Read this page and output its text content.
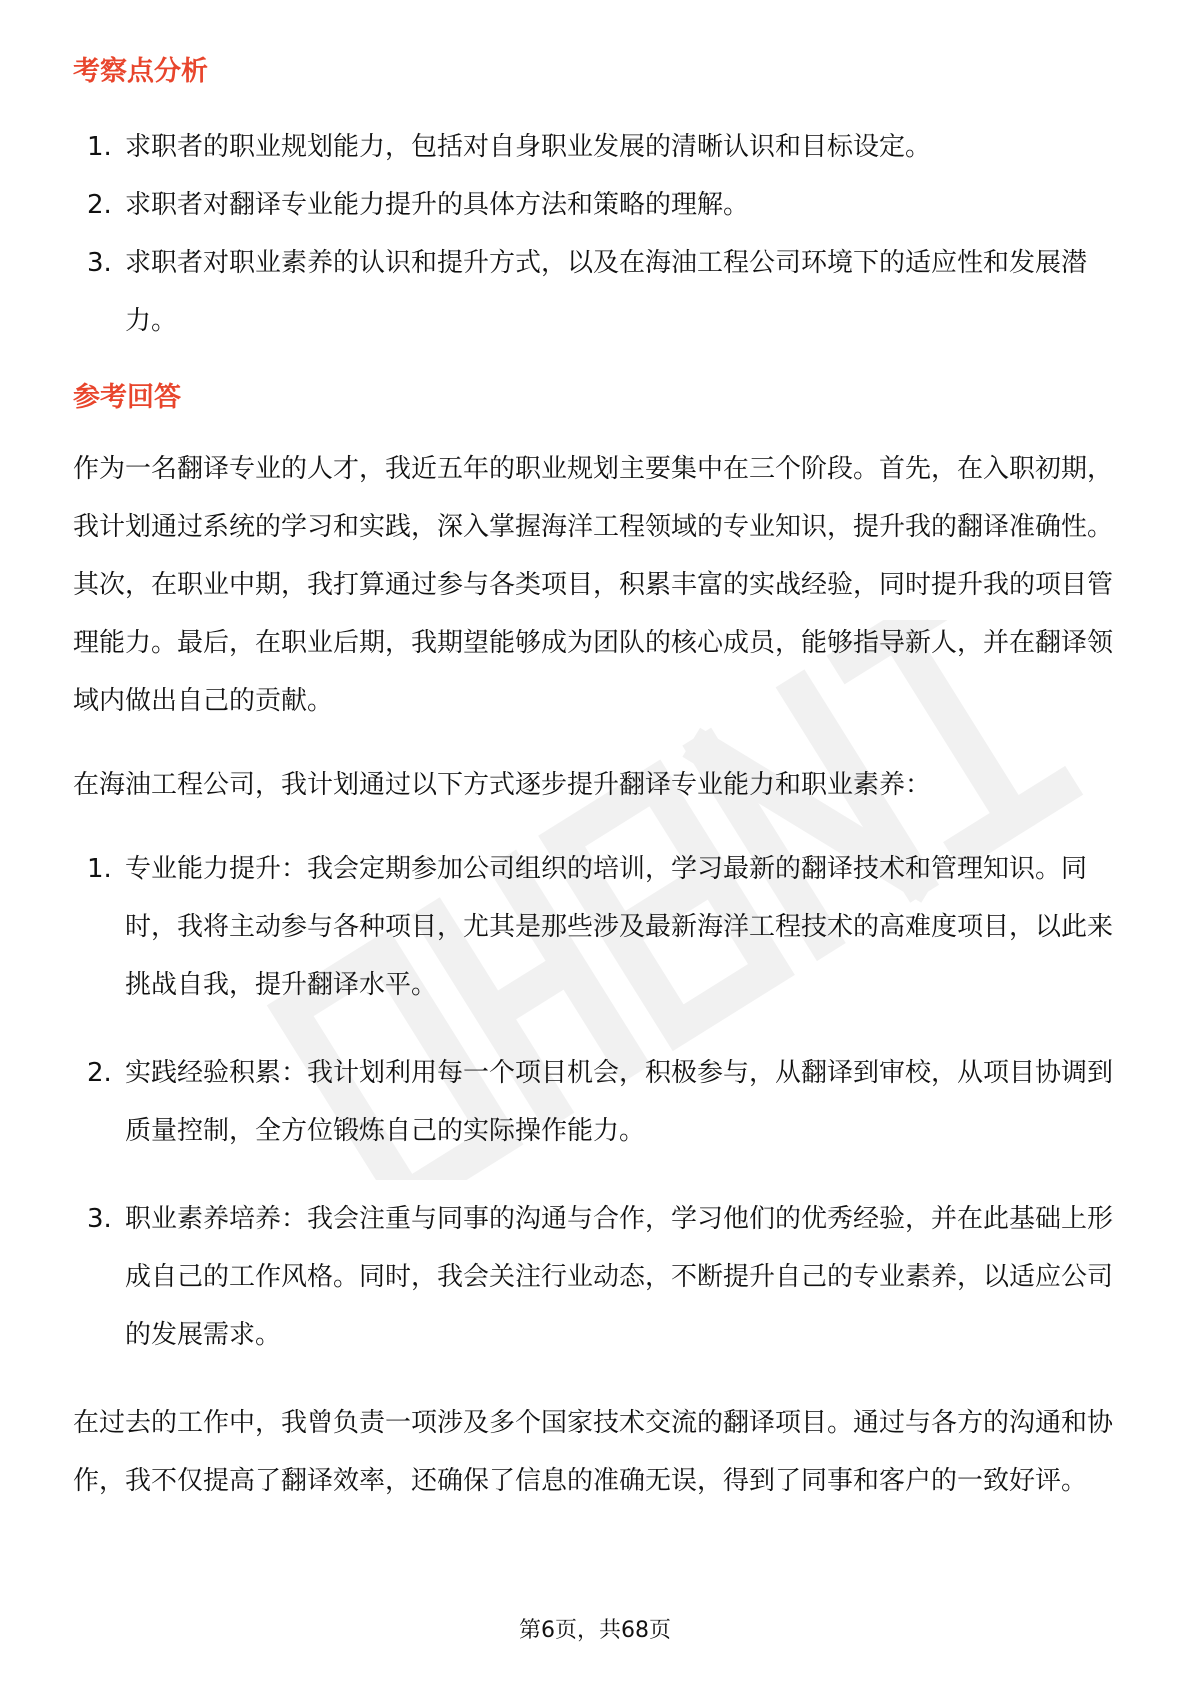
考察点分析
1. 求职者的职业规划能力，包括对自身职业发展的清晰认识和目标设定。
2. 求职者对翻译专业能力提升的具体方法和策略的理解。
3. 求职者对职业素养的认识和提升方式，以及在海油工程公司环境下的适应性和发展潜力。
参考回答

作为一名翻译专业的人才，我近五年的职业规划主要集中在三个阶段。首先，在入职初期，我计划通过系统的学习和实践，深入掌握海洋工程领域的专业知识，提升我的翻译准确性。其次，在职业中期，我打算通过参与各类项目，积累丰富的实战经验，同时提升我的项目管理能力。最后，在职业后期，我期望能够成为团队的核心成员，能够指导新人，并在翻译领域内做出自己的贡献。

在海油工程公司，我计划通过以下方式逐步提升翻译专业能力和职业素养：

1. 专业能力提升：我会定期参加公司组织的培训，学习最新的翻译技术和管理知识。同时，我将主动参与各种项目，尤其是那些涉及最新海洋工程技术的高难度项目，以此来挑战自我，提升翻译水平。
2. 实践经验积累：我计划利用每一个项目机会，积极参与，从翻译到审校，从项目协调到质量控制，全方位锻炼自己的实际操作能力。
3. 职业素养培养：我会注重与同事的沟通与合作，学习他们的优秀经验，并在此基础上形成自己的工作风格。同时，我会关注行业动态，不断提升自己的专业素养，以适应公司的发展需求。

在过去的工作中，我曾负责一项涉及多个国家技术交流的翻译项目。通过与各方的沟通和协作，我不仅提高了翻译效率，还确保了信息的准确无误，得到了同事和客户的一致好评。

第6页，共68页
